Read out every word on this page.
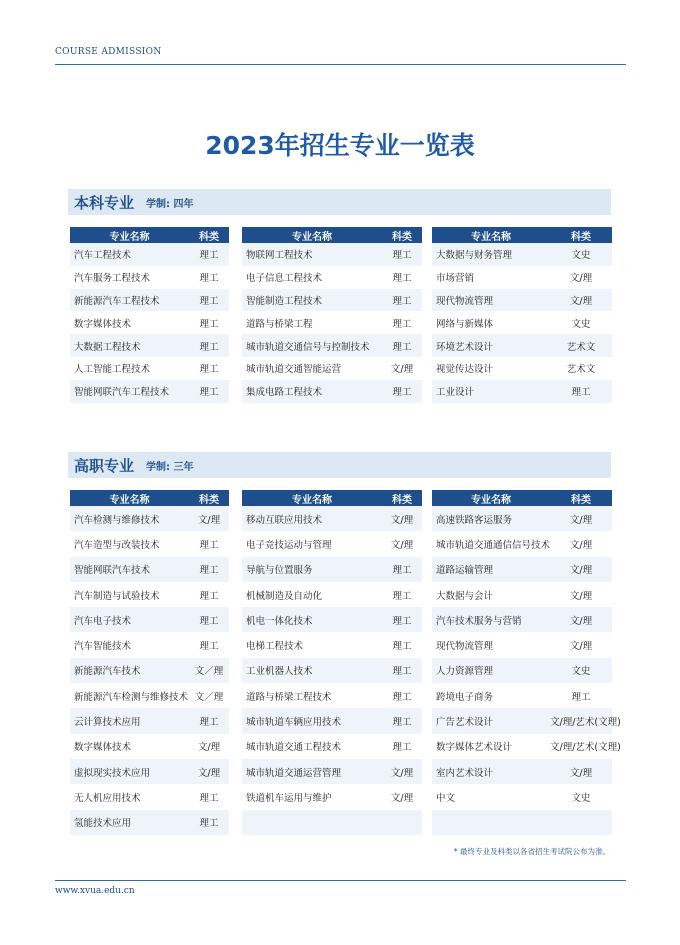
COURSE ADMISSION
2023年招生专业一览表
本科专业 学制: 四年
专业名称	科类
汽车工程技术	理工
汽车服务工程技术	理工
新能源汽车工程技术	理工
数字媒体技术	理工
大数据工程技术	理工
人工智能工程技术	理工
智能网联汽车工程技术	理工
专业名称	科类
物联网工程技术	理工
电子信息工程技术	理工
智能制造工程技术	理工
道路与桥梁工程	理工
城市轨道交通信号与控制技术	理工
城市轨道交通智能运营	文/理
集成电路工程技术	理工
专业名称	科类
大数据与财务管理	文史
市场营销	文/理
现代物流管理	文/理
网络与新媒体	文史
环境艺术设计	艺术文
视觉传达设计	艺术文
工业设计	理工
高职专业 学制: 三年
专业名称	科类
汽车检测与维修技术	文/理
汽车造型与改装技术	理工
智能网联汽车技术	理工
汽车制造与试验技术	理工
汽车电子技术	理工
汽车智能技术	理工
新能源汽车技术	文／理
新能源汽车检测与维修技术 文／理
云计算技术应用	理工
数字媒体技术	文/理
虚拟现实技术应用	文/理
无人机应用技术	理工
氢能技术应用	理工
专业名称	科类
移动互联应用技术	文/理
电子竞技运动与管理	文/理
导航与位置服务	理工
机械制造及自动化	理工
机电一体化技术	理工
电梯工程技术	理工
工业机器人技术	理工
道路与桥梁工程技术	理工
城市轨道车辆应用技术	理工
城市轨道交通工程技术	理工
城市轨道交通运营管理	文/理
铁道机车运用与维护	文/理
专业名称	科类
高速铁路客运服务	文/理
城市轨道交通通信信号技术	文/理
道路运输管理	文/理
大数据与会计	文/理
汽车技术服务与营销	文/理
现代物流管理	文/理
人力资源管理	文史
跨境电子商务	理工
广告艺术设计	文/理/艺术(文理)
数字媒体艺术设计	文/理/艺术(文理)
室内艺术设计	文/理
中文	文史
* 最终专业及科类以各省招生考试院公布为准。
www.xvua.edu.cn
